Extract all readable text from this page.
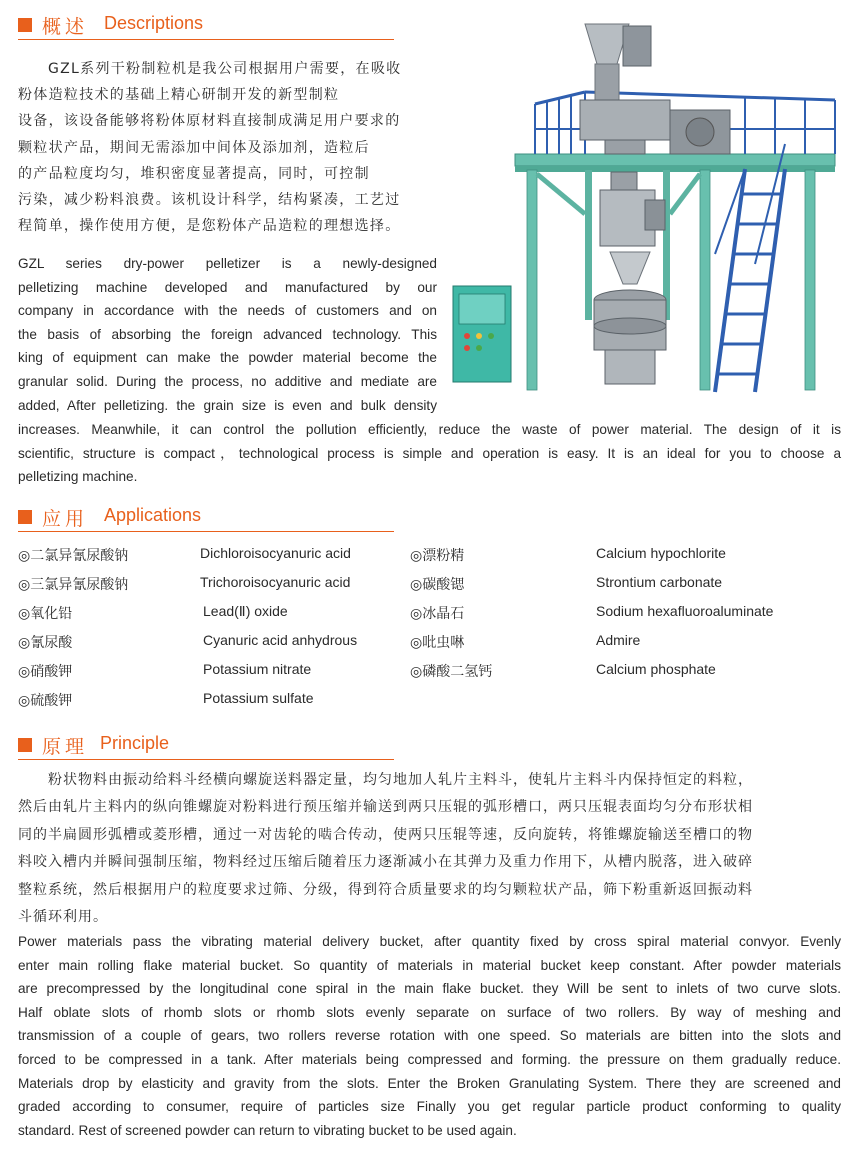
概述 Descriptions
GZL系列干粉制粒机是我公司根据用户需要，在吸收
粉体造粒技术的基础上精心研制开发的新型制粒
设备，该设备能够将粉体原材料直接制成满足用户要求的
颗粒状产品，期间无需添加中间体及添加剂，造粒后
的产品粒度均匀，堆积密度显著提高，同时，可控制
污染，减少粉料浪费。该机设计科学，结构紧凑，工艺过
程简单，操作使用方便，是您粉体产品造粒的理想选择。
GZL series dry-power pelletizer is a newly-designed
pelletizing machine developed and manufactured by our
company in accordance with the needs of customers and on
the basis of absorbing the foreign advanced technology. This
king of equipment can make the powder material become the
granular solid. During the process, no additive and mediate are
added, After pelletizing. the grain size is even and bulk density
increases. Meanwhile, it can control the pollution efficiently, reduce the waste of power material. The design of it is
scientific, structure is compact，technological process is simple and operation is easy. It is an ideal for you to choose a
pelletizing machine.
应用 Applications
◎二氯异氰尿酸钠	Dichloroisocyanuric acid	◎漂粉精	Calcium hypochlorite
◎三氯异氰尿酸钠	Trichoroisocyanuric acid	◎碳酸锶	Strontium carbonate
◎氧化铅	Lead(Ⅱ) oxide	◎冰晶石	Sodium hexafluoroaluminate
◎氰尿酸	Cyanuric acid anhydrous	◎吡虫啉	Admire
◎硝酸钾	Potassium nitrate	◎磷酸二氢钙	Calcium phosphate
◎硫酸钾	Potassium sulfate
原理 Principle
粉状物料由振动给料斗经横向螺旋送料器定量，均匀地加人轧片主料斗，使轧片主料斗内保持恒定的料粒，
然后由轧片主料内的纵向锥螺旋对粉料进行预压缩并输送到两只压辊的弧形槽口，两只压辊表面均匀分布形状相
同的半扁圆形弧槽或菱形槽，通过一对齿轮的啮合传动，使两只压辊等速，反向旋转，将锥螺旋输送至槽口的物
料咬入槽内并瞬间强制压缩，物料经过压缩后随着压力逐渐减小在其弹力及重力作用下，从槽内脱落，进入破碎
整粒系统，然后根据用户的粒度要求过筛、分级，得到符合质量要求的均匀颗粒状产品，筛下粉重新返回振动料
斗循环利用。
Power materials pass the vibrating material delivery bucket, after quantity fixed by cross spiral material convyor. Evenly
enter main rolling flake material bucket. So quantity of materials in material bucket keep constant. After powder materials
are precompressed by the longitudinal cone spiral in the main flake bucket. they Will be sent to inlets of two curve slots.
Half oblate slots of rhomb slots or rhomb slots evenly separate on surface of two rollers. By way of meshing and
transmission of a couple of gears, two rollers reverse rotation with one speed. So materials are bitten into the slots and
forced to be compressed in a tank. After materials being compressed and forming. the pressure on them gradually reduce.
Materials drop by elasticity and gravity from the slots. Enter the Broken Granulating System. There they are screened and
graded according to consumer, require of particles size Finally you get regular particle product conforming to quality
standard. Rest of screened powder can return to vibrating bucket to be used again.
